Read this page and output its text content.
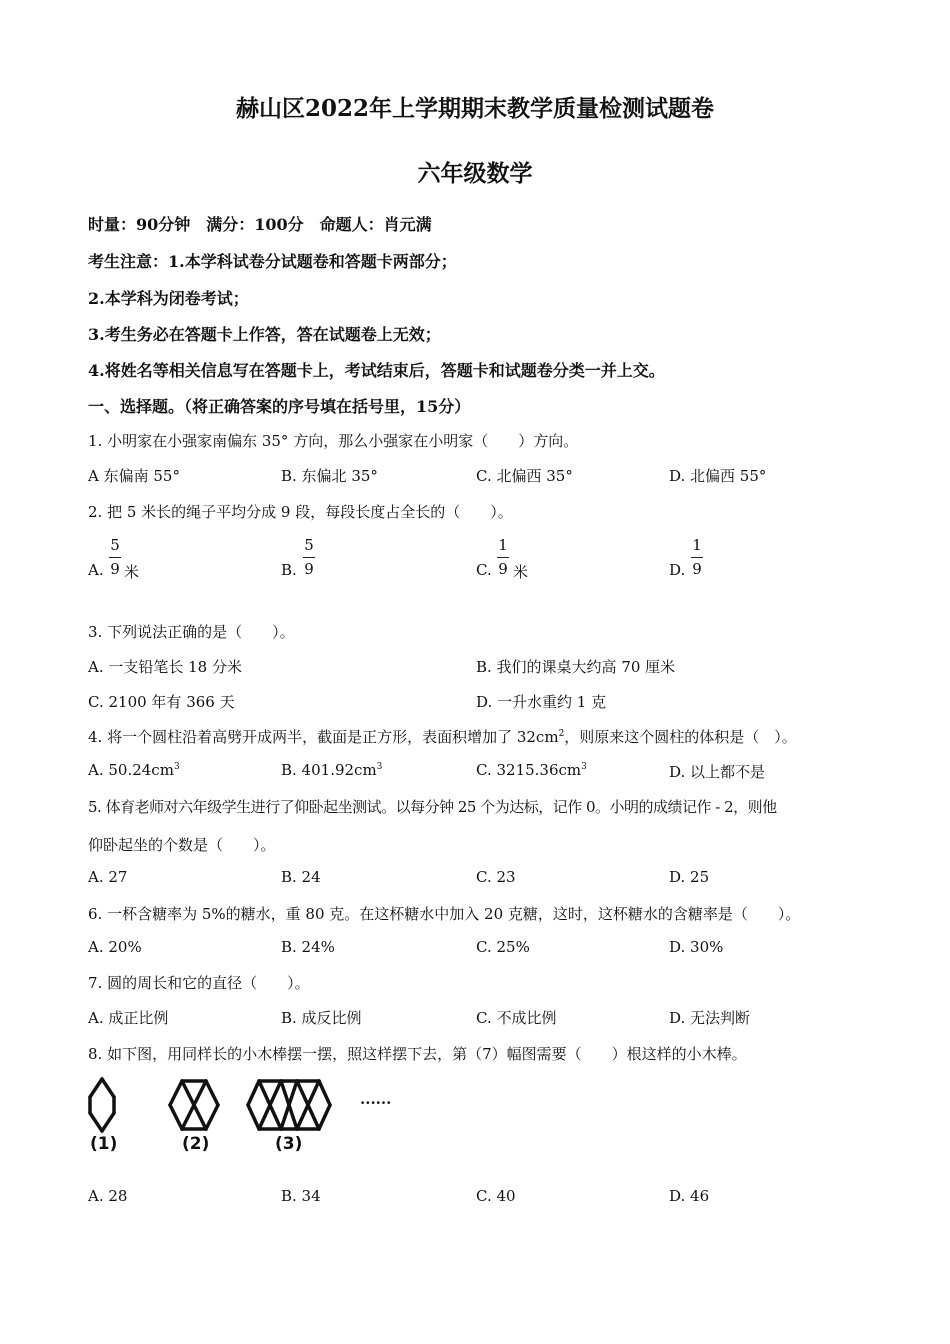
赫山区2022年上学期期末教学质量检测试题卷
六年级数学
时量：90分钟　满分：100分　命题人：肖元满
考生注意：1.本学科试卷分试题卷和答题卡两部分；
2.本学科为闭卷考试；
3.考生务必在答题卡上作答，答在试题卷上无效；
4.将姓名等相关信息写在答题卡上，考试结束后，答题卡和试题卷分类一并上交。
一、选择题。（将正确答案的序号填在括号里，15分）
1. 小明家在小强家南偏东 35° 方向，那么小强家在小明家（　　）方向。
A 东偏南 55°	B. 东偏北 35°	C. 北偏西 35°	D. 北偏西 55°
2. 把 5 米长的绳子平均分成 9 段，每段长度占全长的（　　）。
A.
5
9 米	B.
5
9	C.
1
9 米	D.
1
9
3. 下列说法正确的是（　　）。
A. 一支铅笔长 18 分米	B. 我们的课桌大约高 70 厘米
C. 2100 年有 366 天	D. 一升水重约 1 克
4. 将一个圆柱沿着高劈开成两半，截面是正方形，表面积增加了 $32cm^2$，则原来这个圆柱的体积是（　）。
A. $50.24cm^3$	B. $401.92cm^3$	C. $3215.36cm^3$	D. 以上都不是
5. 体育老师对六年级学生进行了仰卧起坐测试。以每分钟 25 个为达标，记作 0。小明的成绩记作 - 2，则他
仰卧起坐的个数是（　　）。
A. 27	B. 24	C. 23	D. 25
6. 一杯含糖率为 5%的糖水，重 80 克。在这杯糖水中加入 20 克糖，这时，这杯糖水的含糖率是（　　）。
A. 20%	B. 24%	C. 25%	D. 30%
7. 圆的周长和它的直径（　　）。
A. 成正比例	B. 成反比例	C. 不成比例	D. 无法判断
8. 如下图，用同样长的小木棒摆一摆，照这样摆下去，第（7）幅图需要（　　）根这样的小木棒。
(1)	(2)	(3)
......
A. 28	B. 34	C. 40	D. 46
